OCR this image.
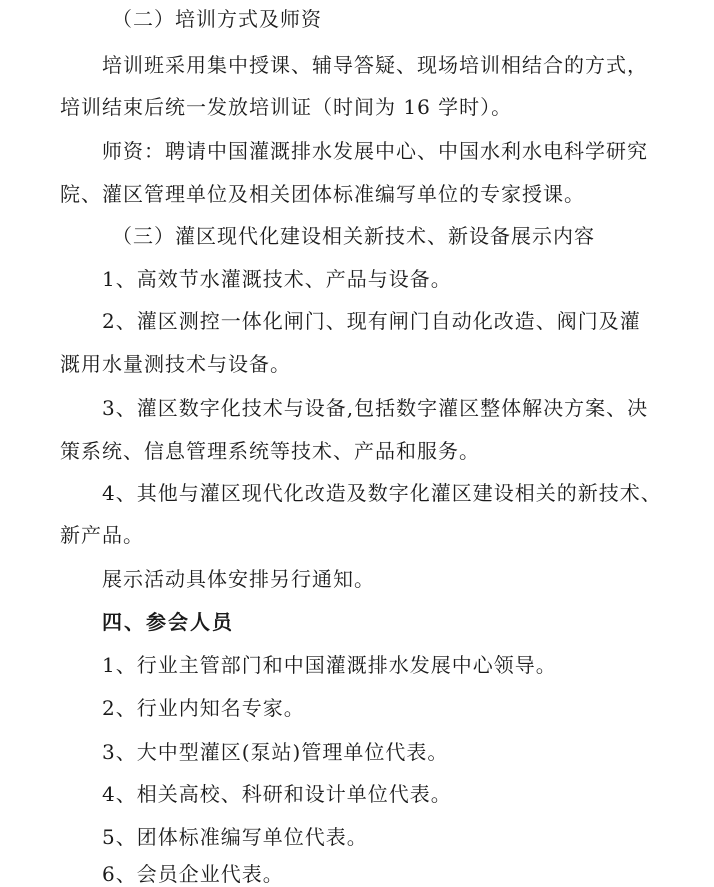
（二）培训方式及师资
培训班采用集中授课、辅导答疑、现场培训相结合的方式，
培训结束后统一发放培训证（时间为 16 学时）。
师资：聘请中国灌溉排水发展中心、中国水利水电科学研究
院、灌区管理单位及相关团体标准编写单位的专家授课。
（三）灌区现代化建设相关新技术、新设备展示内容
1、高效节水灌溉技术、产品与设备。
2、灌区测控一体化闸门、现有闸门自动化改造、阀门及灌
溉用水量测技术与设备。
3、灌区数字化技术与设备,包括数字灌区整体解决方案、决
策系统、信息管理系统等技术、产品和服务。
4、其他与灌区现代化改造及数字化灌区建设相关的新技术、
新产品。
展示活动具体安排另行通知。
四、参会人员
1、行业主管部门和中国灌溉排水发展中心领导。
2、行业内知名专家。
3、大中型灌区(泵站)管理单位代表。
4、相关高校、科研和设计单位代表。
5、团体标准编写单位代表。
6、会员企业代表。
